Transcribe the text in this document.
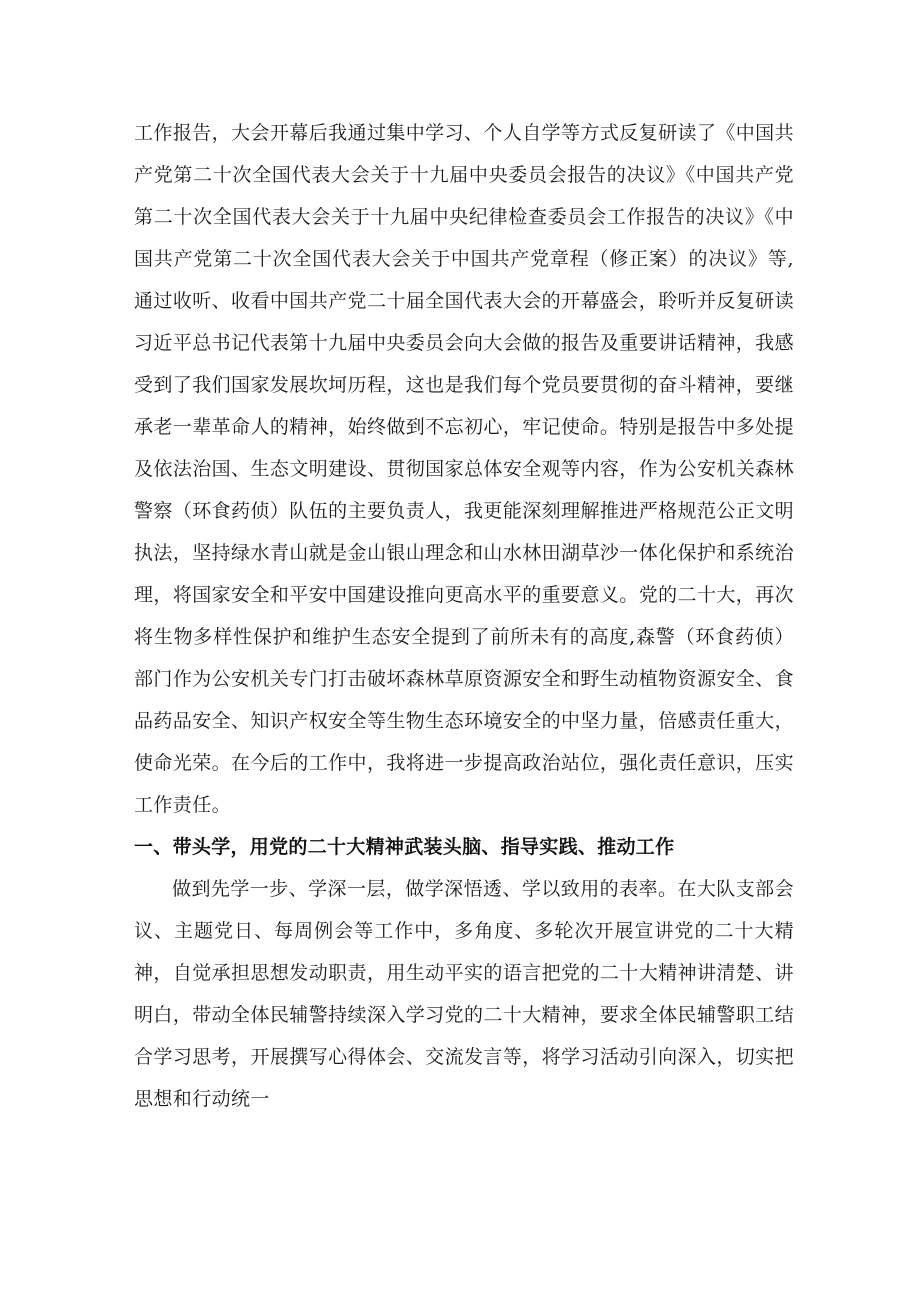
工作报告，大会开幕后我通过集中学习、个人自学等方式反复研读了《中国共产党第二十次全国代表大会关于十九届中央委员会报告的决议》《中国共产党第二十次全国代表大会关于十九届中央纪律检查委员会工作报告的决议》《中国共产党第二十次全国代表大会关于中国共产党章程（修正案）的决议》等,通过收听、收看中国共产党二十届全国代表大会的开幕盛会，聆听并反复研读习近平总书记代表第十九届中央委员会向大会做的报告及重要讲话精神，我感受到了我们国家发展坎坷历程，这也是我们每个党员要贯彻的奋斗精神，要继承老一辈革命人的精神，始终做到不忘初心，牢记使命。特别是报告中多处提及依法治国、生态文明建设、贯彻国家总体安全观等内容，作为公安机关森林警察（环食药侦）队伍的主要负责人，我更能深刻理解推进严格规范公正文明执法，坚持绿水青山就是金山银山理念和山水林田湖草沙一体化保护和系统治理，将国家安全和平安中国建设推向更高水平的重要意义。党的二十大，再次将生物多样性保护和维护生态安全提到了前所未有的高度,森警（环食药侦）部门作为公安机关专门打击破坏森林草原资源安全和野生动植物资源安全、食品药品安全、知识产权安全等生物生态环境安全的中坚力量，倍感责任重大，使命光荣。在今后的工作中，我将进一步提高政治站位，强化责任意识，压实工作责任。

一、带头学，用党的二十大精神武装头脑、指导实践、推动工作

做到先学一步、学深一层，做学深悟透、学以致用的表率。在大队支部会议、主题党日、每周例会等工作中，多角度、多轮次开展宣讲党的二十大精神，自觉承担思想发动职责，用生动平实的语言把党的二十大精神讲清楚、讲明白，带动全体民辅警持续深入学习党的二十大精神，要求全体民辅警职工结合学习思考，开展撰写心得体会、交流发言等，将学习活动引向深入，切实把思想和行动统一
